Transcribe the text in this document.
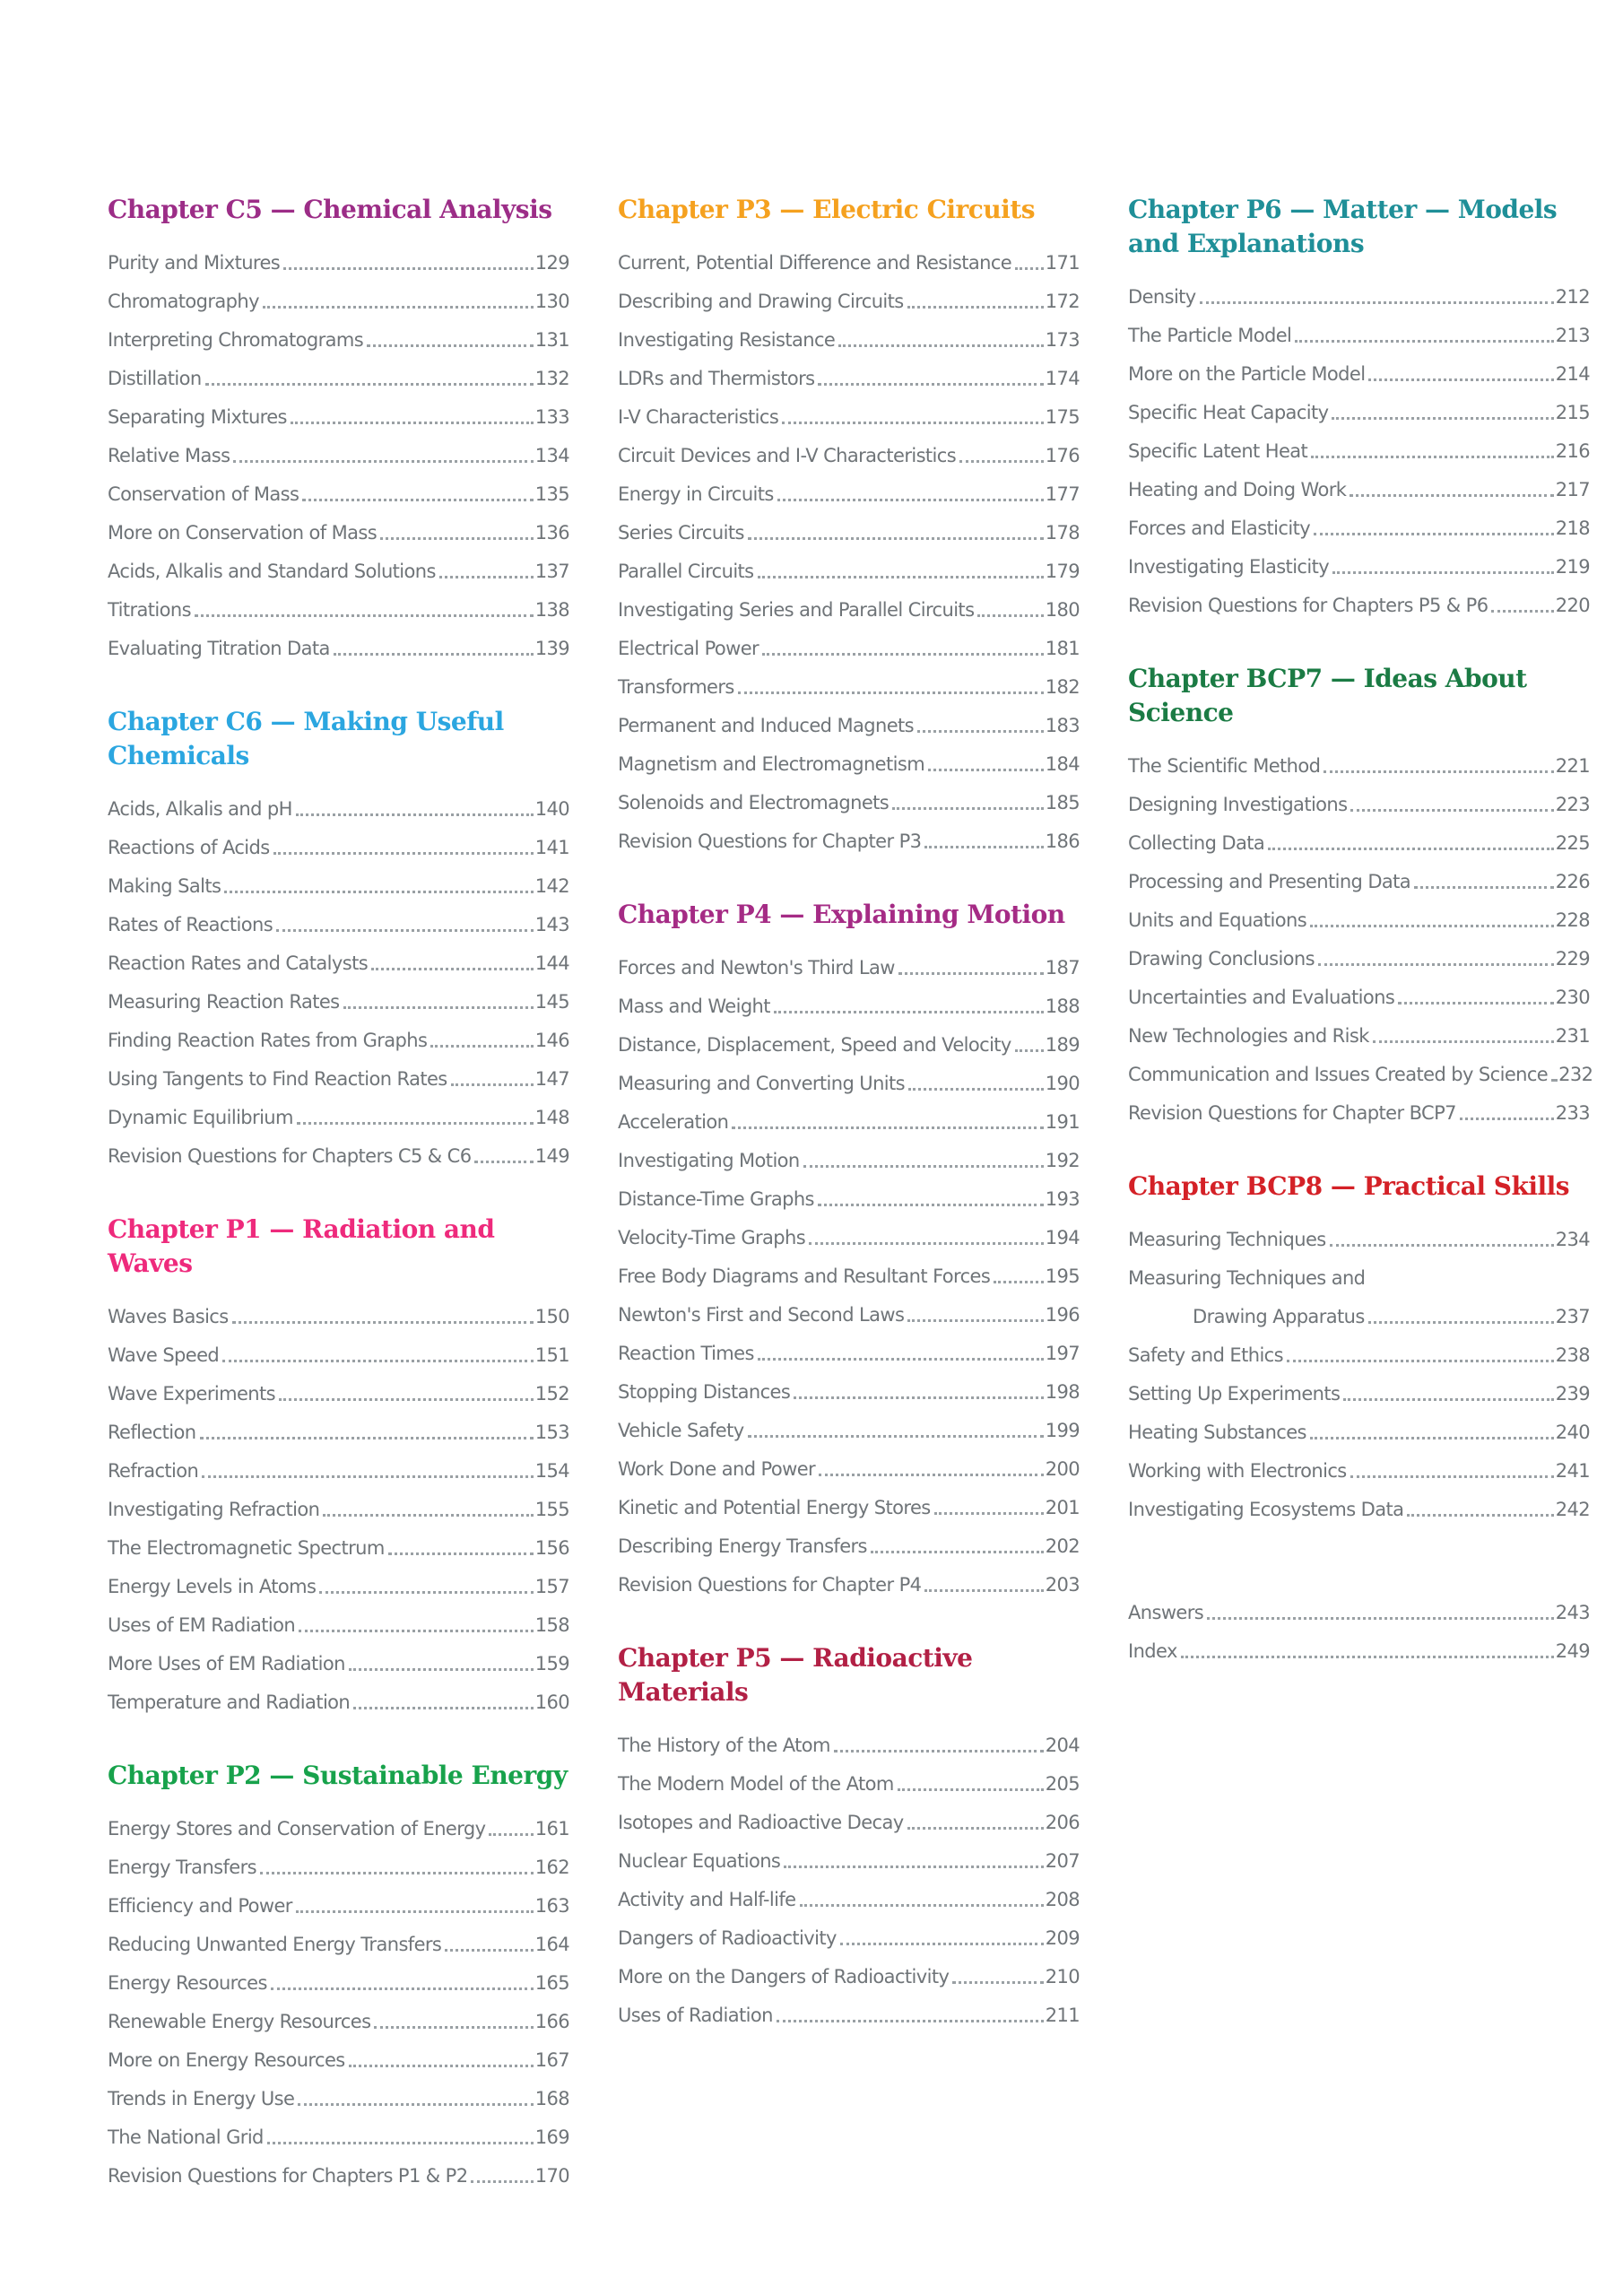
Chapter C5 — Chemical Analysis
Purity and Mixtures	129
Chromatography	130
Interpreting Chromatograms	131
Distillation	132
Separating Mixtures	133
Relative Mass	134
Conservation of Mass	135
More on Conservation of Mass	136
Acids, Alkalis and Standard Solutions	137
Titrations	138
Evaluating Titration Data	139
Chapter C6 — Making Useful
Chemicals
Acids, Alkalis and pH	140
Reactions of Acids	141
Making Salts	142
Rates of Reactions	143
Reaction Rates and Catalysts	144
Measuring Reaction Rates	145
Finding Reaction Rates from Graphs	146
Using Tangents to Find Reaction Rates	147
Dynamic Equilibrium	148
Revision Questions for Chapters C5 & C6	149
Chapter P1 — Radiation and
Waves
Waves Basics	150
Wave Speed	151
Wave Experiments	152
Reflection	153
Refraction	154
Investigating Refraction	155
The Electromagnetic Spectrum	156
Energy Levels in Atoms	157
Uses of EM Radiation	158
More Uses of EM Radiation	159
Temperature and Radiation	160
Chapter P2 — Sustainable Energy
Energy Stores and Conservation of Energy	161
Energy Transfers	162
Efficiency and Power	163
Reducing Unwanted Energy Transfers	164
Energy Resources	165
Renewable Energy Resources	166
More on Energy Resources	167
Trends in Energy Use	168
The National Grid	169
Revision Questions for Chapters P1 & P2	170
Chapter P3 — Electric Circuits
Current, Potential Difference and Resistance 171
Describing and Drawing Circuits	172
Investigating Resistance	173
LDRs and Thermistors	174
I-V Characteristics	175
Circuit Devices and I-V Characteristics	176
Energy in Circuits	177
Series Circuits	178
Parallel Circuits	179
Investigating Series and Parallel Circuits	180
Electrical Power	181
Transformers	182
Permanent and Induced Magnets	183
Magnetism and Electromagnetism	184
Solenoids and Electromagnets	185
Revision Questions for Chapter P3	186
Chapter P4 — Explaining Motion
Forces and Newton's Third Law	187
Mass and Weight	188
Distance, Displacement, Speed and Velocity 189
Measuring and Converting Units	190
Acceleration	191
Investigating Motion	192
Distance-Time Graphs	193
Velocity-Time Graphs	194
Free Body Diagrams and Resultant Forces	195
Newton's First and Second Laws	196
Reaction Times	197
Stopping Distances	198
Vehicle Safety	199
Work Done and Power	200
Kinetic and Potential Energy Stores	201
Describing Energy Transfers	202
Revision Questions for Chapter P4	203
Chapter P5 — Radioactive
Materials
The History of the Atom	204
The Modern Model of the Atom	205
Isotopes and Radioactive Decay	206
Nuclear Equations	207
Activity and Half-life	208
Dangers of Radioactivity	209
More on the Dangers of Radioactivity	210
Uses of Radiation	211
Chapter P6 — Matter — Models
and Explanations
Density	212
The Particle Model	213
More on the Particle Model	214
Specific Heat Capacity	215
Specific Latent Heat	216
Heating and Doing Work	217
Forces and Elasticity	218
Investigating Elasticity	219
Revision Questions for Chapters P5 & P6	220
Chapter BCP7 — Ideas About
Science
The Scientific Method	221
Designing Investigations	223
Collecting Data	225
Processing and Presenting Data	226
Units and Equations	228
Drawing Conclusions	229
Uncertainties and Evaluations	230
New Technologies and Risk	231
Communication and Issues Created by Science 232
Revision Questions for Chapter BCP7	233
Chapter BCP8 — Practical Skills
Measuring Techniques	234
Measuring Techniques and
Drawing Apparatus	237
Safety and Ethics	238
Setting Up Experiments	239
Heating Substances	240
Working with Electronics	241
Investigating Ecosystems Data	242
Answers	243
Index	249
